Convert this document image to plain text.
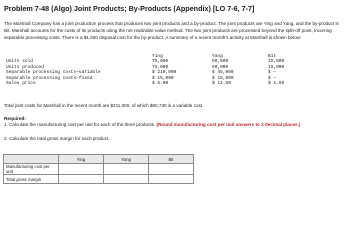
Problem 7-48 (Algo) Joint Products; By-Products (Appendix) [LO 7-6, 7-7]
The Marshall Company has a joint production process that produces two joint products and a by-product. The joint products are Ying and Yang, and the by-product is Bit. Marshall accounts for the costs of its products using the net realizable value method. The two joint products are processed beyond the split-off point, incurring separable processing costs. There is a $1,500 disposal cost for the by-product. A summary of a recent month's activity at Marshall is shown below:
	Ying	Yang	Bit
Units sold	75,000	60,000	15,000
Units produced	75,000	60,000	15,000
Separable processing costs—variable	$ 210,000	$ 45,000	$ —
Separable processing costs—fixed	$ 15,000	$ 15,000	$ —
Sales price	$ 6.00	$ 12.50	$ 1.50
Total joint costs for Marshall in the recent month are $211,000, of which $90,730 is a variable cost.
Required:
1. Calculate the manufacturing cost per unit for each of the three products. (Round manufacturing cost per unit answers to 2 decimal places.)
2. Calculate the total gross margin for each product.
	Ying	Yang	Bit
Manufacturing cost per unit	

Total gross margin	
